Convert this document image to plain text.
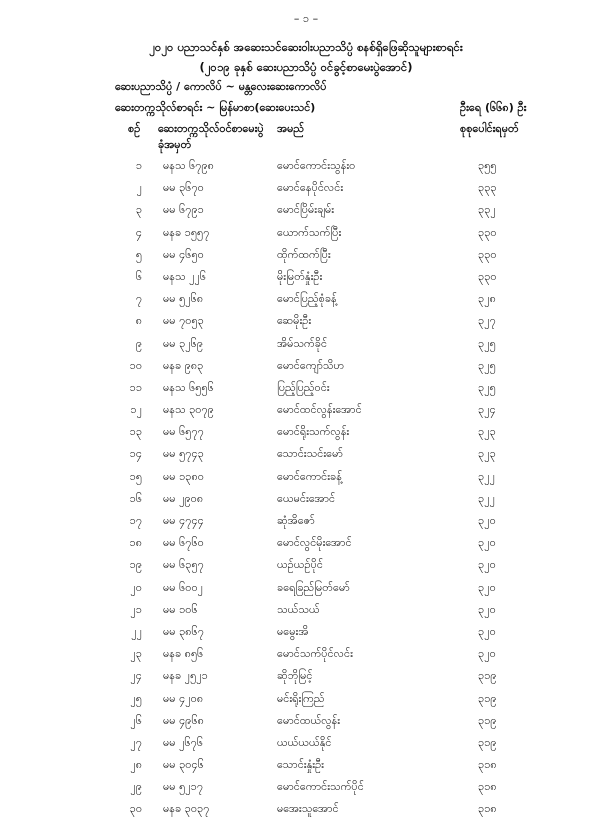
– ၁ –
၂၀၂၀ ပညာသင်နှစ် အဆေးသင်ဆေးဝါးပညာသိပ္ပံ စနစ်ရှိဖြေဆိုသူများစာရင်း
(၂၀၁၉ ခုနှစ် ဆေးပညာသိပ္ပံ ဝင်ခွင့်စာမေးပွဲအောင်)
ဆေးပညာသိပ္ပံ / ကောလိပ် ~ မန္တလေးဆေးကောလိပ်
ဆေးတက္ကသိုလ်စာရင်း ~ မြန်မာစာ(ဆေးပေးသင်)	ဦးရေ (၆၆၈) ဦး
စဉ် ဆေးတက္ကသိုလ်ဝင်စာမေးပွဲ
ခုံအမှတ်
အမည်	စုစုပေါင်းရမှတ်
၁ မနသ ၆၇၉၈	မောင်ကောင်းသွန်း၀	၃၅၅
၂ မမ ၃၆၇၀	မောင်နေပိုင်လင်း	၃၃၃
၃ မမ ၆၇၉၁	မောင်ပြိမ်းချမ်း	၃၃၂
၄ မနခ ၁၅၅၇	ယောက်သက်ပြီး	၃၃၀
၅ မမ ၄၆၅၀	ထိုက်ထက်ပြီး	၃၃၀
၆ မနသ ၂၂၆	မိုးမြတ်နှုံးဦး	၃၃၀
၇ မမ ၅၂၆၈	မောင်ပြည့်စုံခန့်	၃၂၈
၈ မမ ၇၀၅၃	ဆေမိုးဦး	၃၂၇
၉ မမ ၃၂၆၉	အိမ်သက်ခိုင်	၃၂၅
၁၀ မနခ ၉၈၃	မောင်ကျော်သိဟ	၃၂၅
၁၁ မနသ ၆၅၅၆	ပြည့်ပြည့်ဝင်း	၃၂၅
၁၂ မနသ ၃၀၇၉	မောင်ထင်လွန်းအောင်	၃၂၄
၁၃ မမ ၆၅၇၇	မောင်ရိုးသက်လွန်း	၃၂၃
၁၄ မမ ၅၇၄၃	သောင်းသင်းမော်	၃၂၃
၁၅ မမ ၁၃၈၀	မောင်ကောင်းခန့်	၃၂၂
၁၆ မမ ၂၉၀၈	ယေမင်းအောင်	၃၂၂
၁၇ မမ ၄၇၄၄	ဆုံအိဇော်	၃၂၀
၁၈ မမ ၆၇၆၀	မောင်လွင်မိုးအောင်	၃၂၀
၁၉ မမ ၆၃၅၇	ယဉ်ယဉ်ပိုင်	၃၂၀
၂၀ မမ ၆၀၀၂	ခရေခြည်မြတ်မော်	၃၂၀
၂၁ မမ ၁၀၆	သယ်သယ်	၃၂၀
၂၂ မမ ၃၈၆၇	မမွေးအိ	၃၂၀
၂၃ မနခ ၈၅၆	မောင်သက်ပိုင်လင်း	၃၂၀
၂၄ မနခ ၂၅၂၁	ဆိုဘိုမြင့်	၃၁၉
၂၅ မမ ၄၂၀၈	မင်းရိုးကြည်	၃၁၉
၂၆ မမ ၄၉၆၈	မောင်ထယ်လွန်း	၃၁၉
၂၇ မမ ၂၆၇၆	ယယ်ယယ်နိုင်	၃၁၉
၂၈ မမ ၃၀၄၆	သောင်းနှုံးဦး	၃၁၈
၂၉ မမ ၅၂၁၇	မောင်ကောင်းသက်ပိုင်	၃၁၈
၃၀ မနခ ၃၀၃၇	မအေးသူအောင်	၃၁၈
